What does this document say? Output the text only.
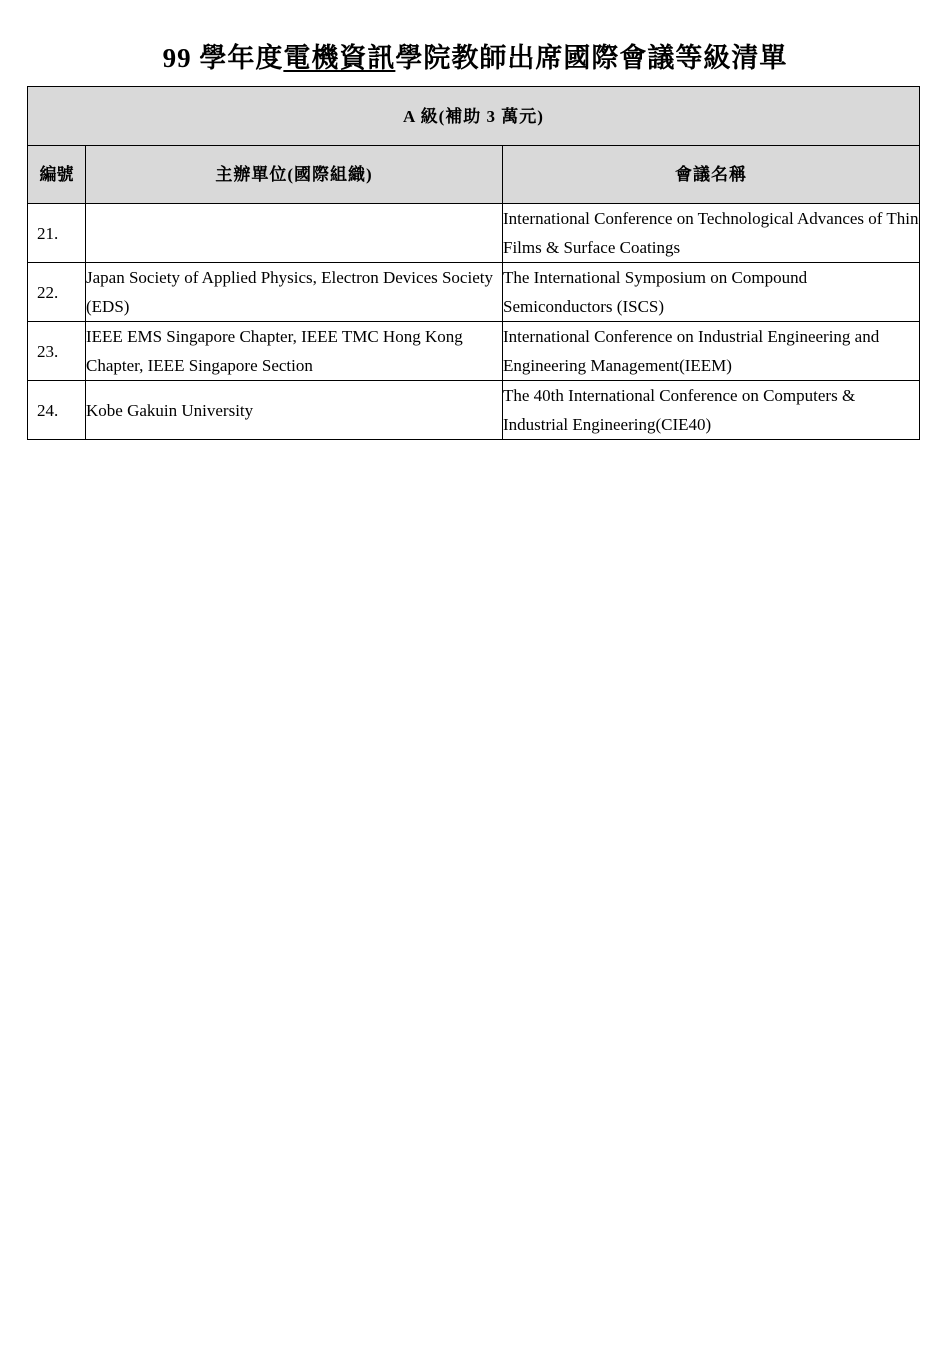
99 學年度電機資訊學院教師出席國際會議等級清單
A 級(補助 3 萬元)		
編號	主辦單位(國際組織)	會議名稱
21.		International Conference on Technological Advances of Thin Films & Surface Coatings
22.	Japan Society of Applied Physics, Electron Devices Society (EDS)	The International Symposium on Compound Semiconductors (ISCS)
23.	IEEE EMS Singapore Chapter, IEEE TMC Hong Kong Chapter, IEEE Singapore Section	International Conference on Industrial Engineering and Engineering Management(IEEM)
24.	Kobe Gakuin University	The 40th International Conference on Computers & Industrial Engineering(CIE40)
